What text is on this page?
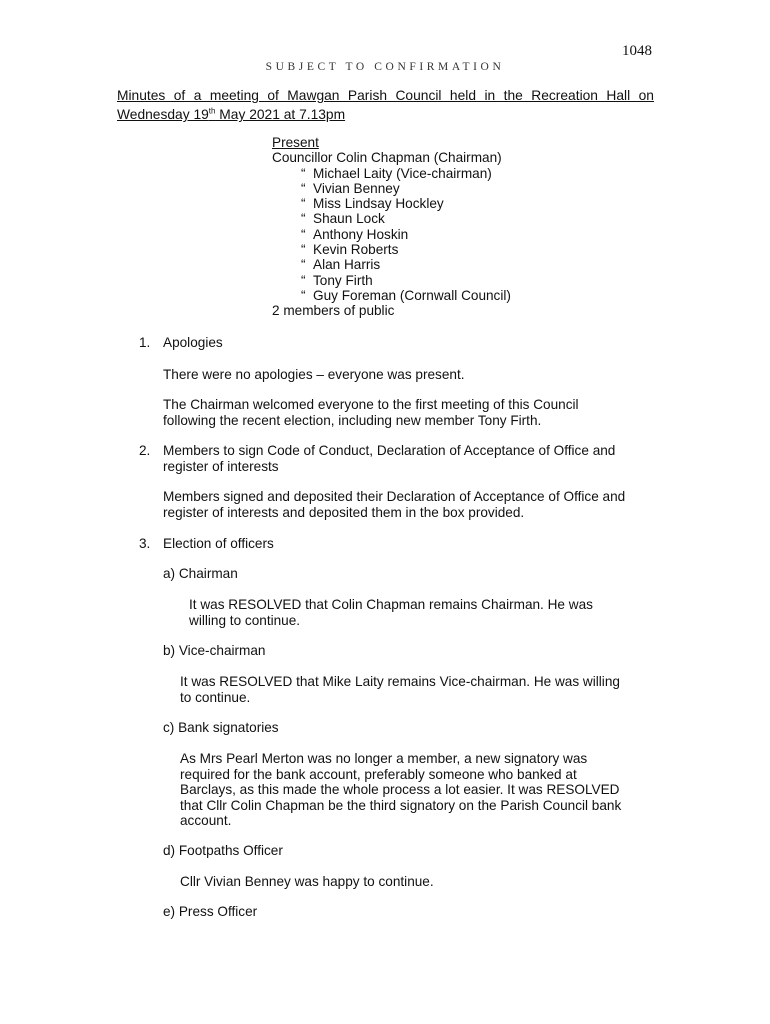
1048
SUBJECT TO CONFIRMATION
Minutes of a meeting of Mawgan Parish Council held in the Recreation Hall on
Wednesday 19th May 2021 at 7.13pm
Present
Councillor Colin Chapman (Chairman)
“ Michael Laity (Vice-chairman)
“ Vivian Benney
“ Miss Lindsay Hockley
“ Shaun Lock
“ Anthony Hoskin
“ Kevin Roberts
“ Alan Harris
“ Tony Firth
“ Guy Foreman (Cornwall Council)
2 members of public
1. Apologies
There were no apologies – everyone was present.
The Chairman welcomed everyone to the first meeting of this Council
following the recent election, including new member Tony Firth.
2. Members to sign Code of Conduct, Declaration of Acceptance of Office and
register of interests
Members signed and deposited their Declaration of Acceptance of Office and
register of interests and deposited them in the box provided.
3. Election of officers
a) Chairman
It was RESOLVED that Colin Chapman remains Chairman. He was
willing to continue.
b) Vice-chairman
It was RESOLVED that Mike Laity remains Vice-chairman. He was willing
to continue.
c) Bank signatories
As Mrs Pearl Merton was no longer a member, a new signatory was
required for the bank account, preferably someone who banked at
Barclays, as this made the whole process a lot easier. It was RESOLVED
that Cllr Colin Chapman be the third signatory on the Parish Council bank
account.
d) Footpaths Officer
Cllr Vivian Benney was happy to continue.
e) Press Officer
